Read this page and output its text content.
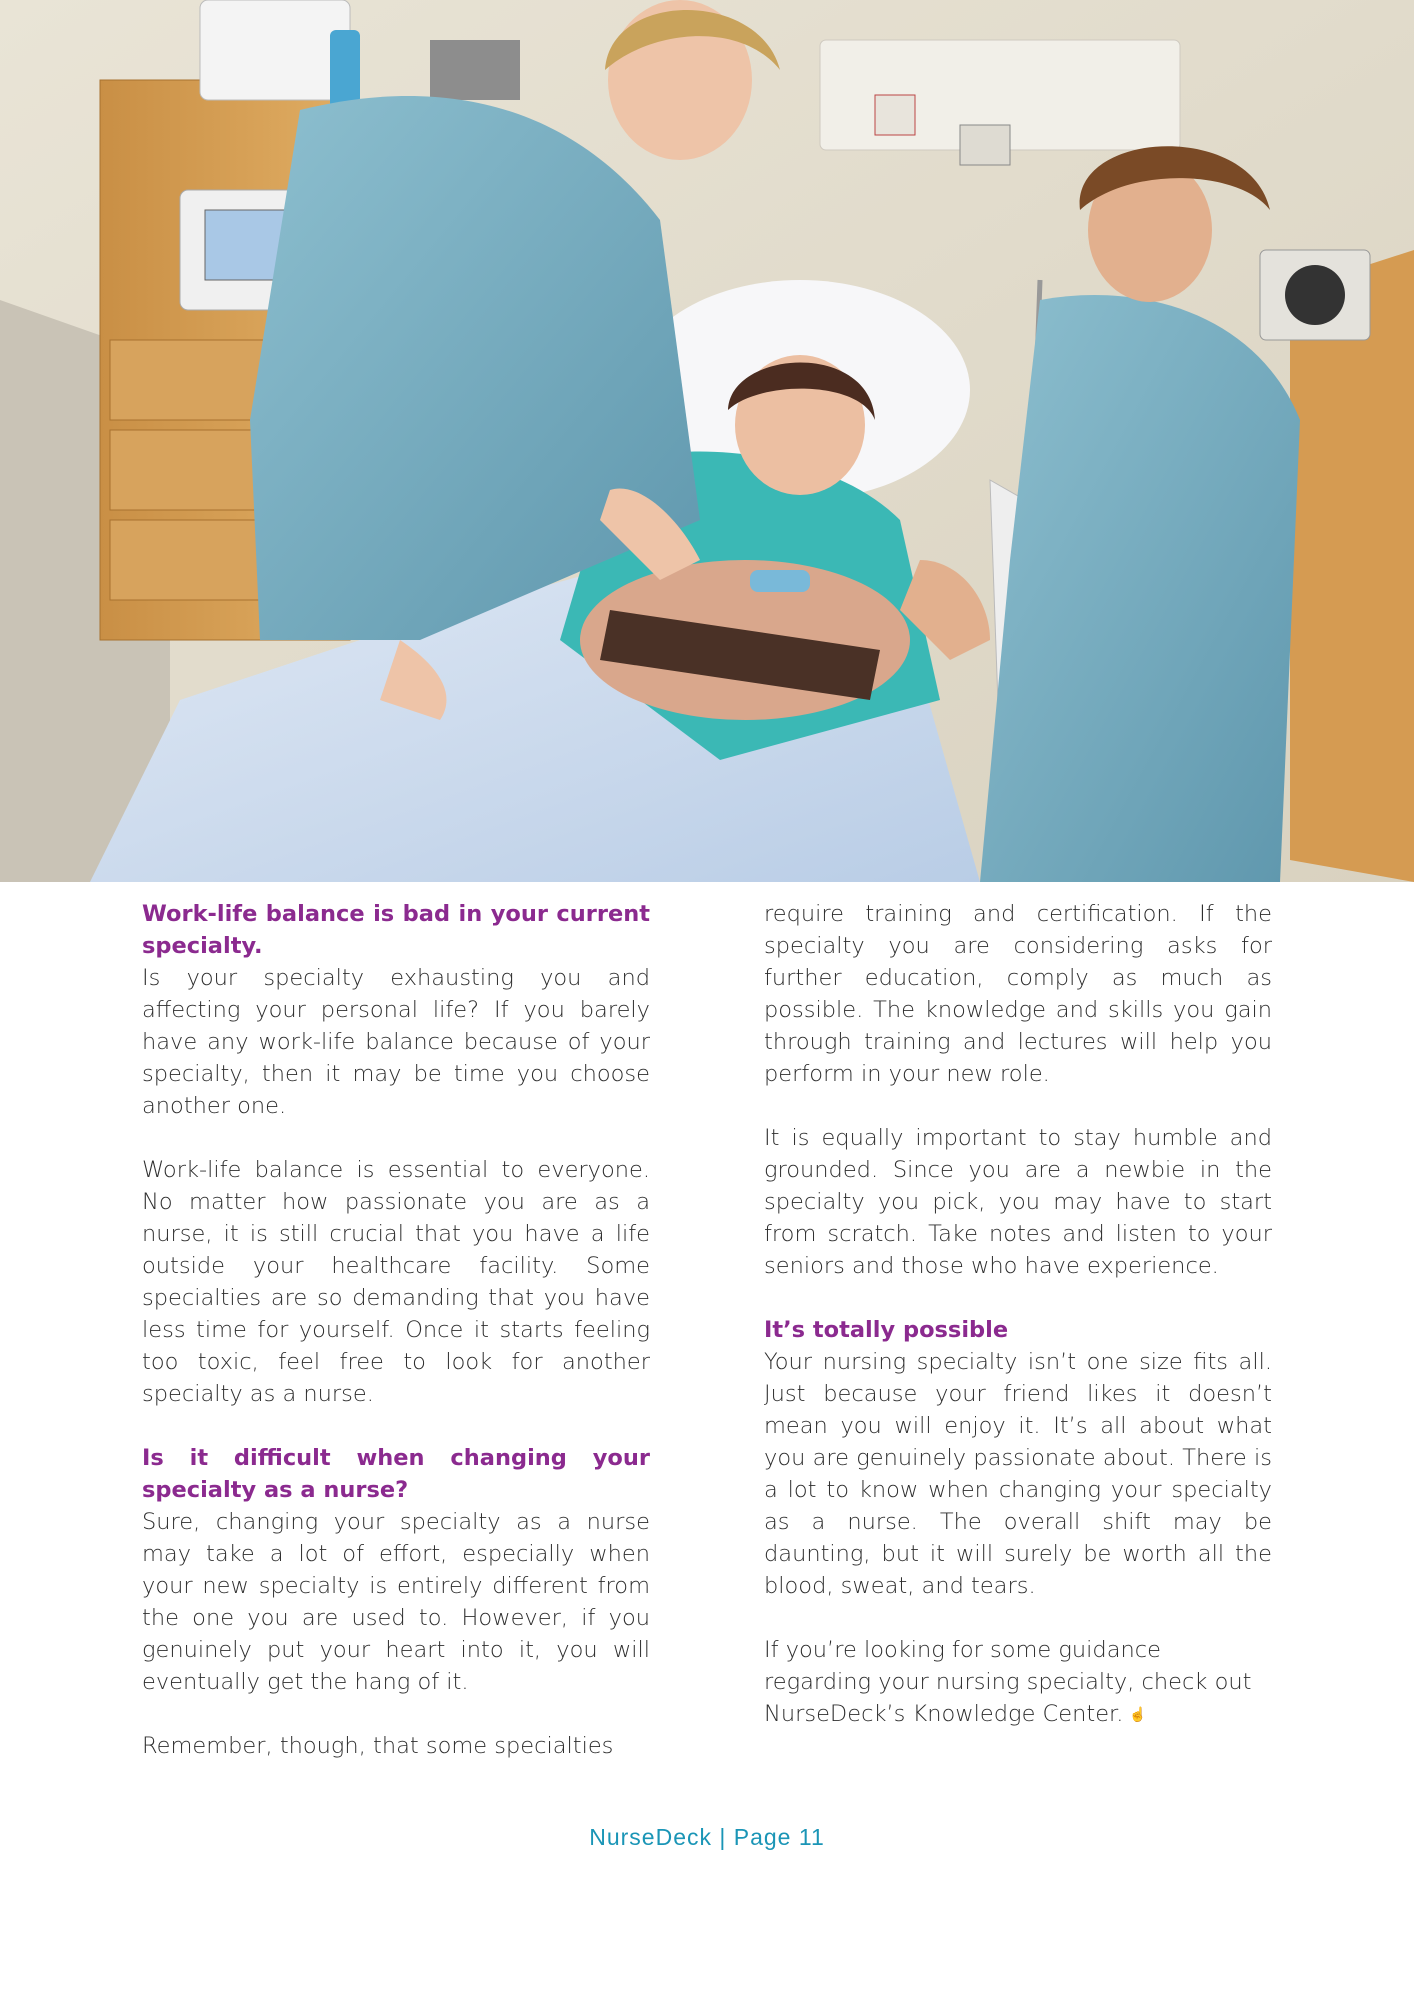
Work-life balance is bad in your current specialty.

Is your specialty exhausting you and affecting your personal life? If you barely have any work-life balance because of your specialty, then it may be time you choose another one.

Work-life balance is essential to everyone. No matter how passionate you are as a nurse, it is still crucial that you have a life outside your healthcare facility. Some specialties are so demanding that you have less time for yourself. Once it starts feeling too toxic, feel free to look for another specialty as a nurse.

Is it difficult when changing your specialty as a nurse?

Sure, changing your specialty as a nurse may take a lot of effort, especially when your new specialty is entirely different from the one you are used to. However, if you genuinely put your heart into it, you will eventually get the hang of it.

Remember, though, that some specialties

require training and certification. If the specialty you are considering asks for further education, comply as much as possible. The knowledge and skills you gain through training and lectures will help you perform in your new role.

It is equally important to stay humble and grounded. Since you are a newbie in the specialty you pick, you may have to start from scratch. Take notes and listen to your seniors and those who have experience.

It’s totally possible

Your nursing specialty isn’t one size fits all. Just because your friend likes it doesn’t mean you will enjoy it. It’s all about what you are genuinely passionate about. There is a lot to know when changing your specialty as a nurse. The overall shift may be daunting, but it will surely be worth all the blood, sweat, and tears.

If you’re looking for some guidance regarding your nursing specialty, check out NurseDeck’s Knowledge Center. ☝

NurseDeck | Page 11
